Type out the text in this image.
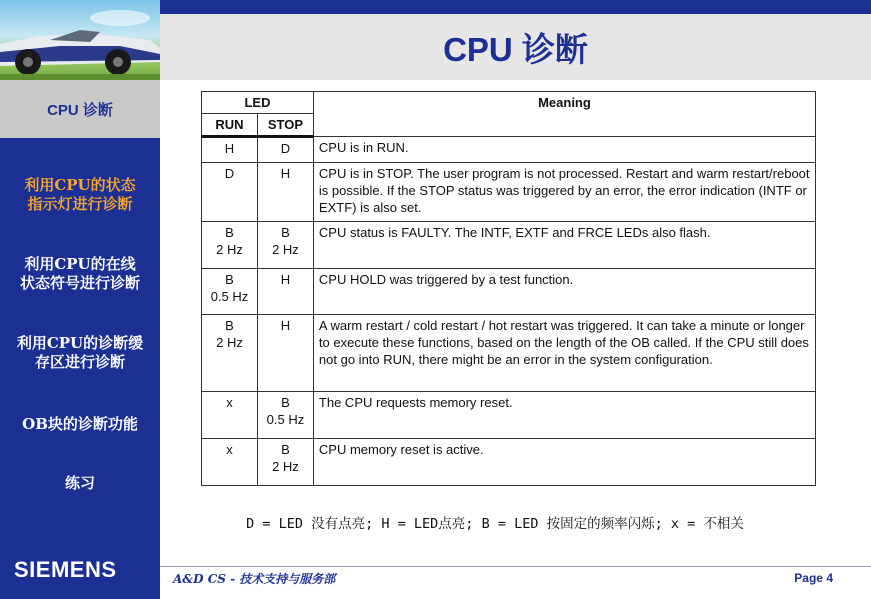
CPU 诊断
利用CPU的状态
指示灯进行诊断
利用CPU的在线
状态符号进行诊断
利用CPU的诊断缓
存区进行诊断
OB块的诊断功能
练习
SIEMENS
CPU 诊断
LED		Meaning
RUN	STOP	
H	D	CPU is in RUN.
D	H	CPU is in STOP. The user program is not processed. Restart and warm restart/reboot is possible. If the STOP status was triggered by an error, the error indication (INTF or EXTF) is also set.
B
2 Hz	B
2 Hz	CPU status is FAULTY. The INTF, EXTF and FRCE LEDs also flash.
B
0.5 Hz	H	CPU HOLD was triggered by a test function.
B
2 Hz	H	A warm restart / cold restart / hot restart was triggered. It can take a minute or longer to execute these functions, based on the length of the OB called. If the CPU still does not go into RUN, there might be an error in the system configuration.
x	B
0.5 Hz	The CPU requests memory reset.
x	B
2 Hz	CPU memory reset is active.
D = LED 没有点亮; H = LED点亮; B = LED 按固定的频率闪烁; x = 不相关
A&D CS - 技术支持与服务部	Page 4
